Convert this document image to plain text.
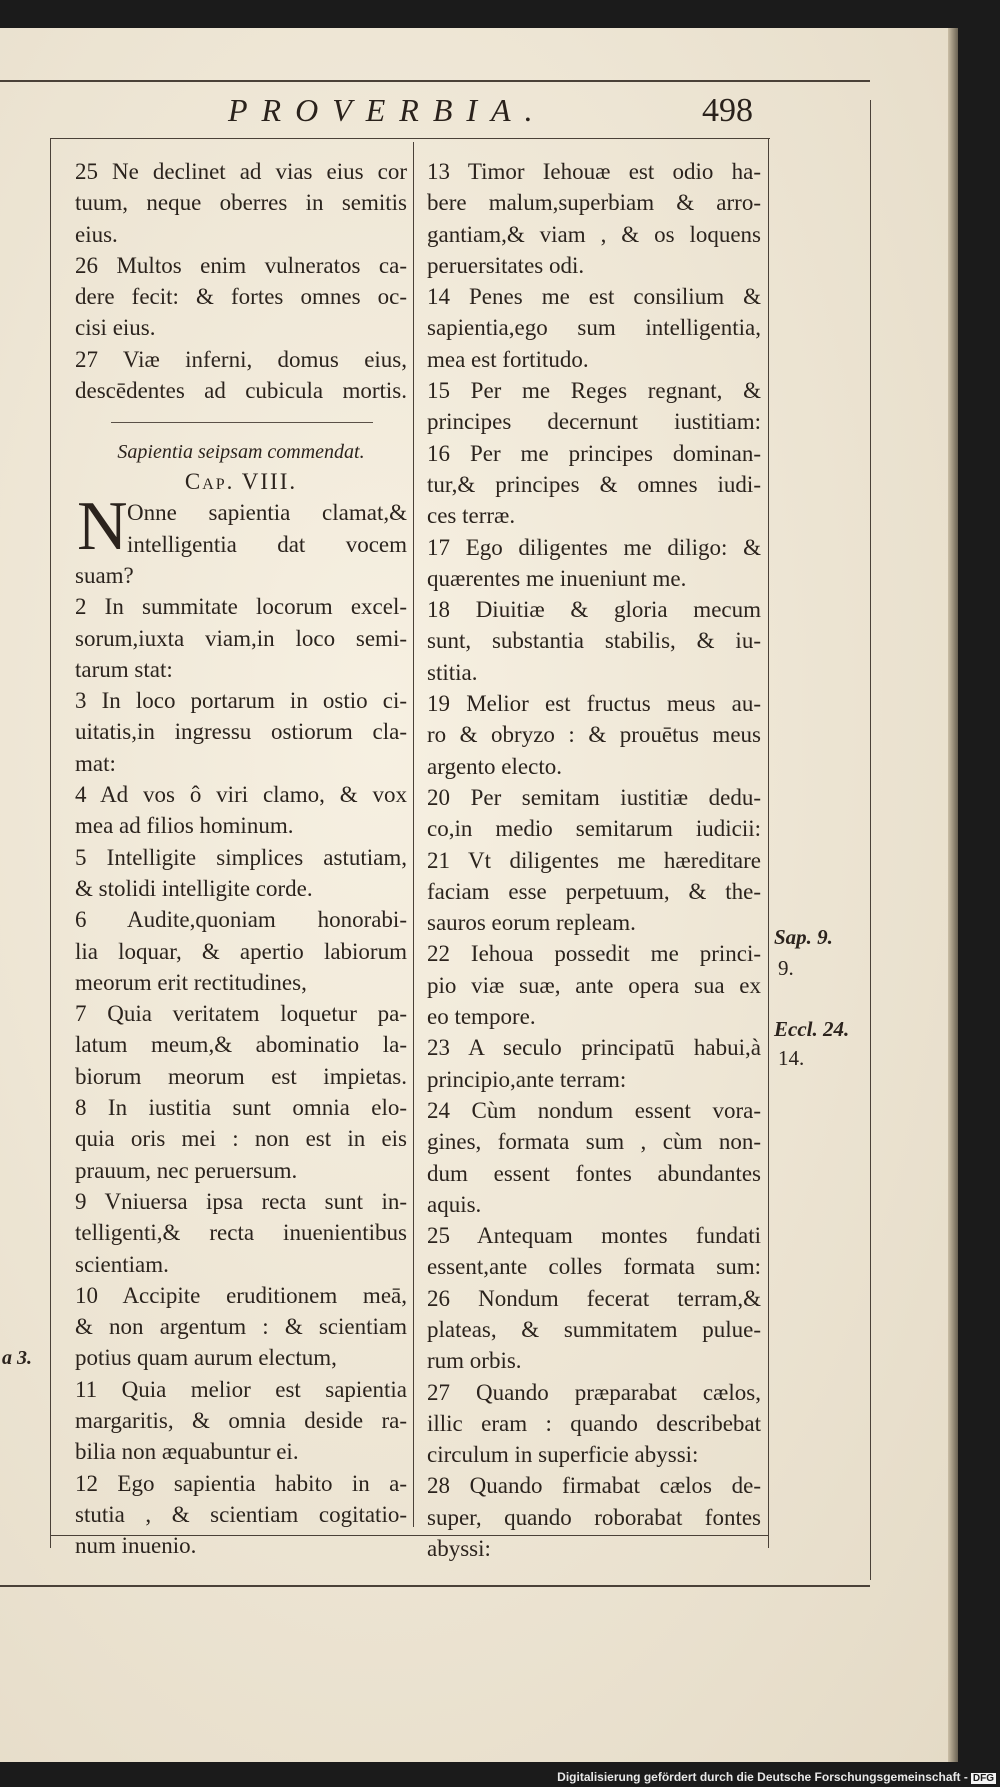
PROVERBIA.	498
25 Ne declinet ad vias eius cor
tuum, neque oberres in semitis
eius.
26 Multos enim vulneratos ca-
dere fecit: & fortes omnes oc-
cisi eius.
27 Viæ inferni, domus eius,
descēdentes ad cubicula mortis.
Sapientia seipsam commendat.
Cap. VIII.
N Onne sapientia clamat,&
intelligentia dat vocem
suam?
2 In summitate locorum excel-
sorum,iuxta viam,in loco semi-
tarum stat:
3 In loco portarum in ostio ci-
uitatis,in ingressu ostiorum cla-
mat:
4 Ad vos ô viri clamo, & vox
mea ad filios hominum.
5 Intelligite simplices astutiam,
& stolidi intelligite corde.
6 Audite,quoniam honorabi-
lia loquar, & apertio labiorum
meorum erit rectitudines,
7 Quia veritatem loquetur pa-
latum meum,& abominatio la-
biorum meorum est impietas.
8 In iustitia sunt omnia elo-
quia oris mei : non est in eis
prauum, nec peruersum.
9 Vniuersa ipsa recta sunt in-
telligenti,& recta inuenientibus
scientiam.
10 Accipite eruditionem meā,
& non argentum : & scientiam
potius quam aurum electum,
11 Quia melior est sapientia
margaritis, & omnia deside ra-
bilia non æquabuntur ei.
12 Ego sapientia habito in a-
stutia , & scientiam cogitatio-
num inuenio.
13 Timor Iehouæ est odio ha-
bere malum,superbiam & arro-
gantiam,& viam , & os loquens
peruersitates odi.
14 Penes me est consilium &
sapientia,ego sum intelligentia,
mea est fortitudo.
15 Per me Reges regnant, &
principes decernunt iustitiam:
16 Per me principes dominan-
tur,& principes & omnes iudi-
ces terræ.
17 Ego diligentes me diligo: &
quærentes me inueniunt me.
18 Diuitiæ & gloria mecum
sunt, substantia stabilis, & iu-
stitia.
19 Melior est fructus meus au-
ro & obryzo : & prouētus meus
argento electo.
20 Per semitam iustitiæ dedu-
co,in medio semitarum iudicii:
21 Vt diligentes me hæreditare
faciam esse perpetuum, & the-
sauros eorum repleam.
22 Iehoua possedit me princi-
pio viæ suæ, ante opera sua ex
eo tempore.
23 A seculo principatū habui,à
principio,ante terram:
24 Cùm nondum essent vora-
gines, formata sum , cùm non-
dum essent fontes abundantes
aquis.
25 Antequam montes fundati
essent,ante colles formata sum:
26 Nondum fecerat terram,&
plateas, & summitatem pulue-
rum orbis.
27 Quando præparabat cælos,
illic eram : quando describebat
circulum in superficie abyssi:
28 Quando firmabat cælos de-
super, quando roborabat fontes
abyssi:
Sap. 9.
9.
Eccl. 24.
14.
a 3.
Digitalisierung gefördert durch die Deutsche Forschungsgemeinschaft - DFG
